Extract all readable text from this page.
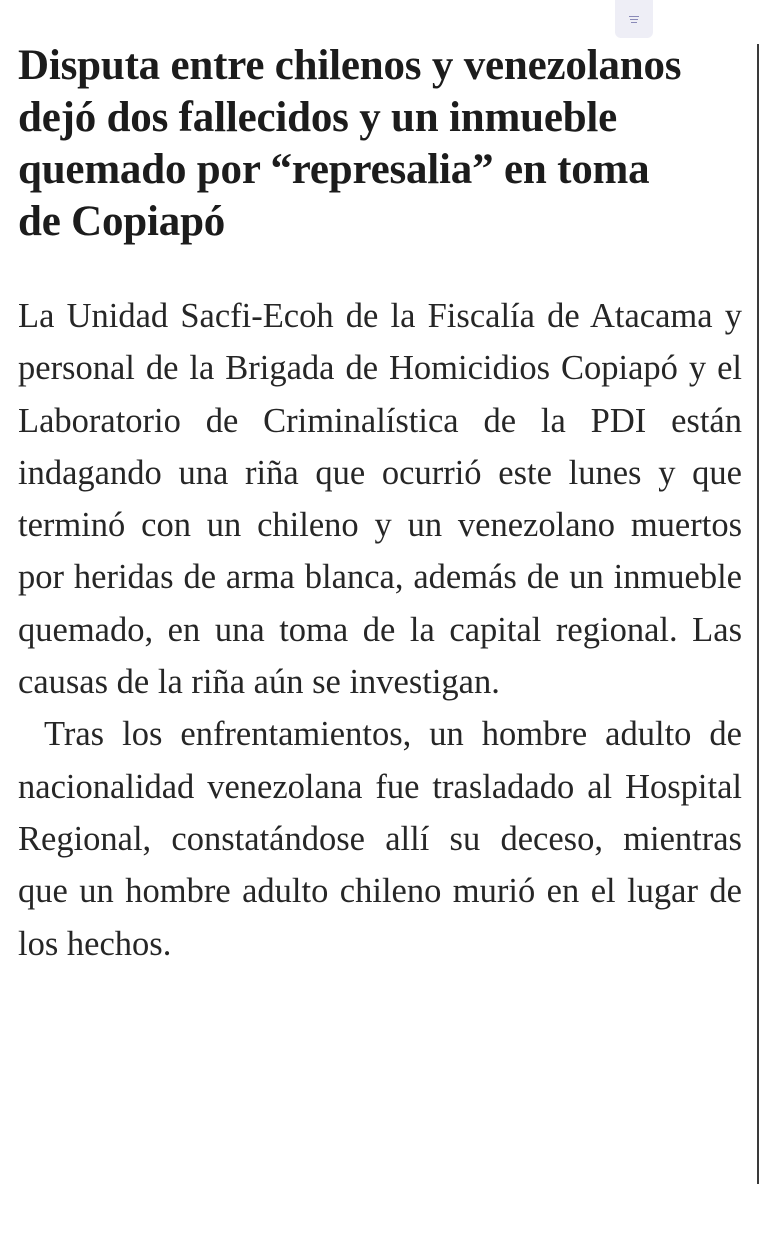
Disputa entre chilenos y venezolanos dejó dos fallecidos y un inmueble quemado por “represalia” en toma de Copiapó

La Unidad Sacfi-Ecoh de la Fiscalía de Atacama y personal de la Brigada de Homicidios Copiapó y el Laboratorio de Criminalística de la PDI están indagando una riña que ocurrió este lunes y que terminó con un chileno y un venezolano muertos por heridas de arma blanca, además de un inmueble quemado, en una toma de la capital regional. Las causas de la riña aún se investigan.

Tras los enfrentamientos, un hombre adulto de nacionalidad venezolana fue trasladado al Hospital Regional, constatándose allí su deceso, mientras que un hombre adulto chileno murió en el lugar de los hechos.
